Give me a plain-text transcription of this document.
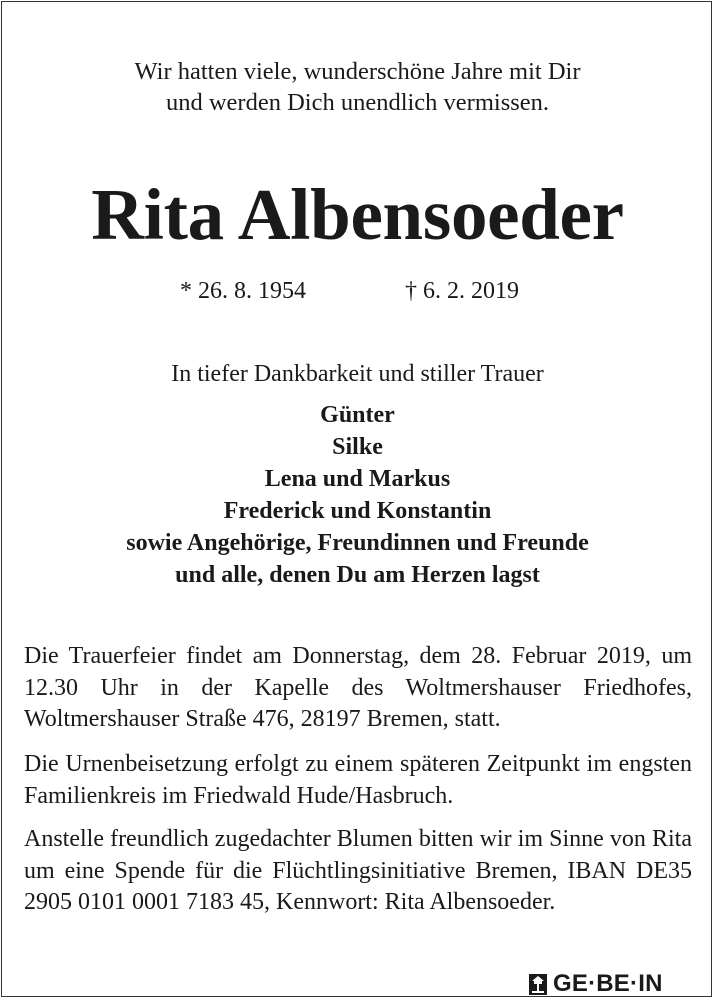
Wir hatten viele, wunderschöne Jahre mit Dir
und werden Dich unendlich vermissen.
Rita Albensoeder
* 26. 8. 1954	† 6. 2. 2019
In tiefer Dankbarkeit und stiller Trauer
Günter
Silke
Lena und Markus
Frederick und Konstantin
sowie Angehörige, Freundinnen und Freunde
und alle, denen Du am Herzen lagst
Die Trauerfeier findet am Donnerstag, dem 28. Februar 2019, um 12.30 Uhr in der Kapelle des Woltmershauser Friedhofes, Woltmershauser Straße 476, 28197 Bremen, statt.
Die Urnenbeisetzung erfolgt zu einem späteren Zeitpunkt im engsten Familienkreis im Friedwald Hude/Hasbruch.
Anstelle freundlich zugedachter Blumen bitten wir im Sinne von Rita um eine Spende für die Flüchtlingsinitiative Bremen, IBAN DE35 2905 0101 0001 7183 45, Kennwort: Rita Albensoeder.
GE·BE·IN
